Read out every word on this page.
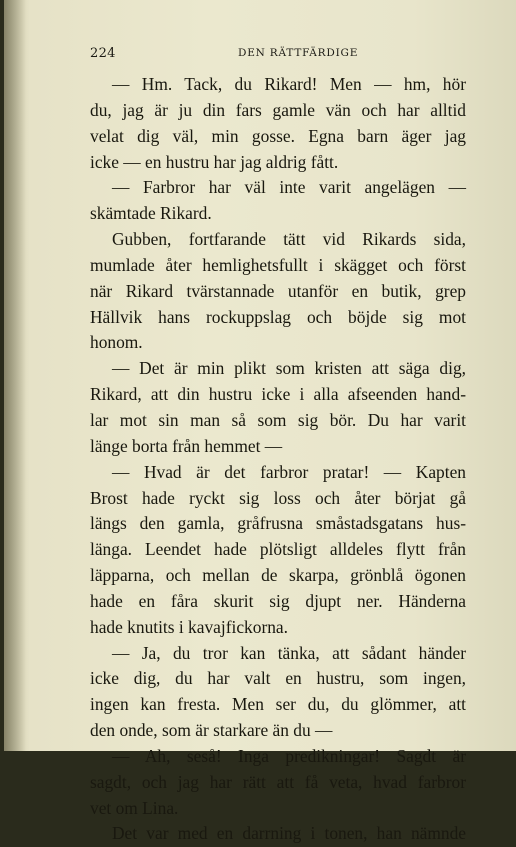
224	DEN RÄTTFÄRDIGE
— Hm. Tack, du Rikard! Men — hm, hör
du, jag är ju din fars gamle vän och har alltid
velat dig väl, min gosse. Egna barn äger jag
icke — en hustru har jag aldrig fått.
— Farbror har väl inte varit angelägen —
skämtade Rikard.
Gubben, fortfarande tätt vid Rikards sida,
mumlade åter hemlighetsfullt i skägget och först
när Rikard tvärstannade utanför en butik, grep
Hällvik hans rockuppslag och böjde sig mot
honom.
— Det är min plikt som kristen att säga dig,
Rikard, att din hustru icke i alla afseenden hand-
lar mot sin man så som sig bör. Du har varit
länge borta från hemmet —
— Hvad är det farbror pratar! — Kapten
Brost hade ryckt sig loss och åter börjat gå
längs den gamla, gråfrusna småstadsgatans hus-
länga. Leendet hade plötsligt alldeles flytt från
läpparna, och mellan de skarpa, grönblå ögonen
hade en fåra skurit sig djupt ner. Händerna
hade knutits i kavajfickorna.
— Ja, du tror kan tänka, att sådant händer
icke dig, du har valt en hustru, som ingen,
ingen kan fresta. Men ser du, du glömmer, att
den onde, som är starkare än du —
— Ah, seså! Inga predikningar! Sagdt är
sagdt, och jag har rätt att få veta, hvad farbror
vet om Lina.
Det var med en darrning i tonen, han nämnde
